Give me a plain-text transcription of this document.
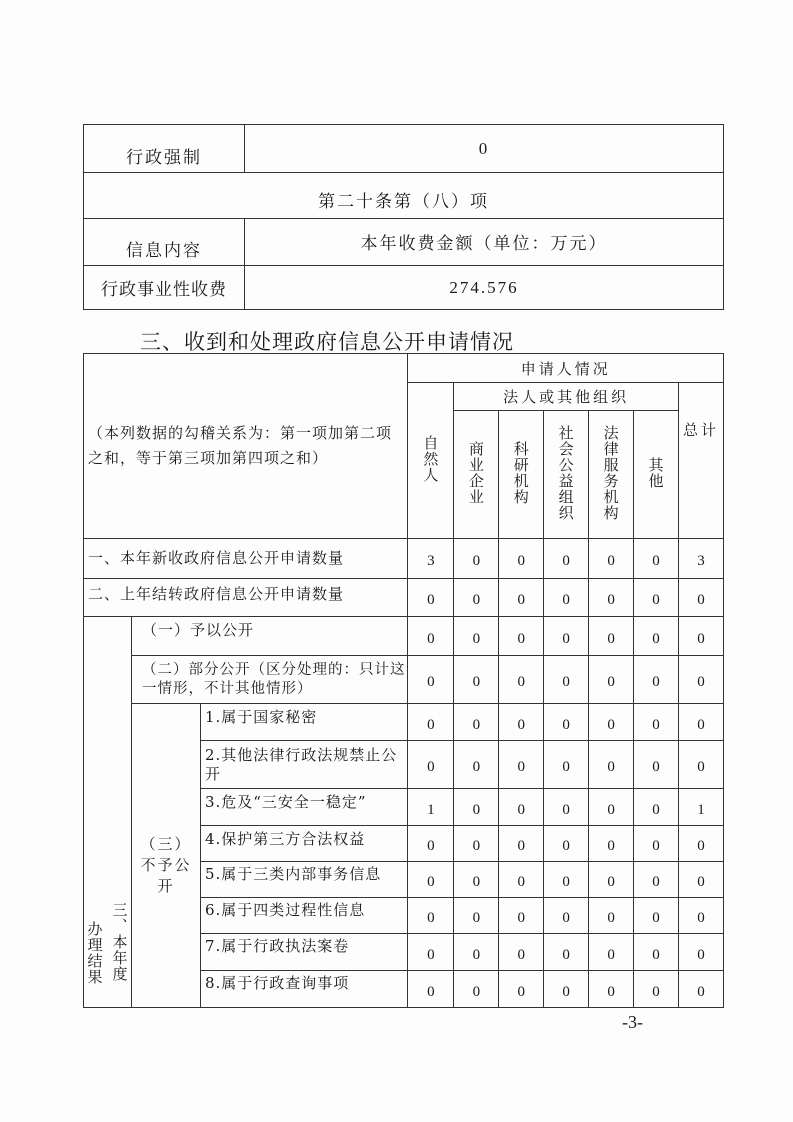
行政强制	0
第二十条第（八）项	
信息内容	本年收费金额（单位：万元）
行政事业性收费	274.576
三、收到和处理政府信息公开申请情况
（本列数据的勾稽关系为：第一项加第二项之和，等于第三项加第四项之和）			申请人情况						
			自然人	法人或其他组织					总计
				商业企业	科研机构	社会公益组织	法律服务机构	其他	
一、本年新收政府信息公开申请数量			3	0	0	0	0	0	3
二、上年结转政府信息公开申请数量			0	0	0	0	0	0	0

三、本年度
办理结果	（一）予以公开		0	0	0	0	0	0	0
	（二）部分公开（区分处理的：只计这一情形，不计其他情形）		0	0	0	0	0	0	0

	（三）不予公开	1.属于国家秘密	0	0	0	0	0	0	0
		2.其他法律行政法规禁止公开	0	0	0	0	0	0	0
		3.危及“三安全一稳定”	1	0	0	0	0	0	1
		4.保护第三方合法权益	0	0	0	0	0	0	0
		5.属于三类内部事务信息	0	0	0	0	0	0	0
		6.属于四类过程性信息	0	0	0	0	0	0	0
		7.属于行政执法案卷	0	0	0	0	0	0	0
		8.属于行政查询事项	0	0	0	0	0	0	0
-3-
